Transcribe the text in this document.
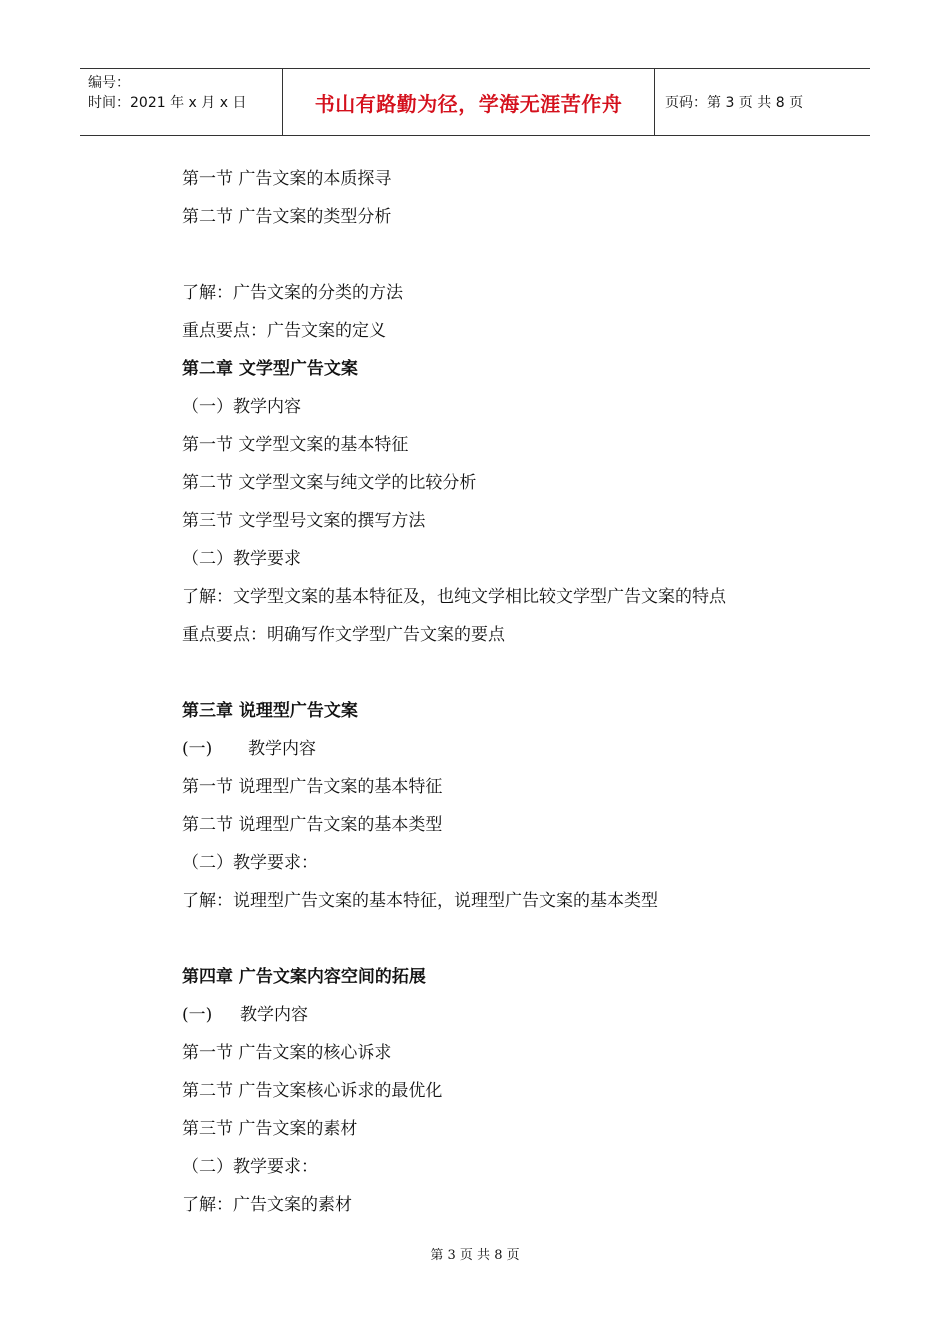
编号：
时间：2021 年 x 月 x 日	书山有路勤为径，学海无涯苦作舟	页码：第 3 页 共 8 页
第一节 广告文案的本质探寻
第二节 广告文案的类型分析
了解：广告文案的分类的方法
重点要点：广告文案的定义
第二章 文学型广告文案
（一）教学内容
第一节 文学型文案的基本特征
第二节 文学型文案与纯文学的比较分析
第三节 文学型号文案的撰写方法
（二）教学要求
了解：文学型文案的基本特征及，也纯文学相比较文学型广告文案的特点
重点要点：明确写作文学型广告文案的要点
第三章 说理型广告文案
(一) 教学内容
第一节 说理型广告文案的基本特征
第二节 说理型广告文案的基本类型
（二）教学要求：
了解：说理型广告文案的基本特征，说理型广告文案的基本类型
第四章 广告文案内容空间的拓展
(一) 教学内容
第一节 广告文案的核心诉求
第二节 广告文案核心诉求的最优化
第三节 广告文案的素材
（二）教学要求：
了解：广告文案的素材
第 3 页 共 8 页
